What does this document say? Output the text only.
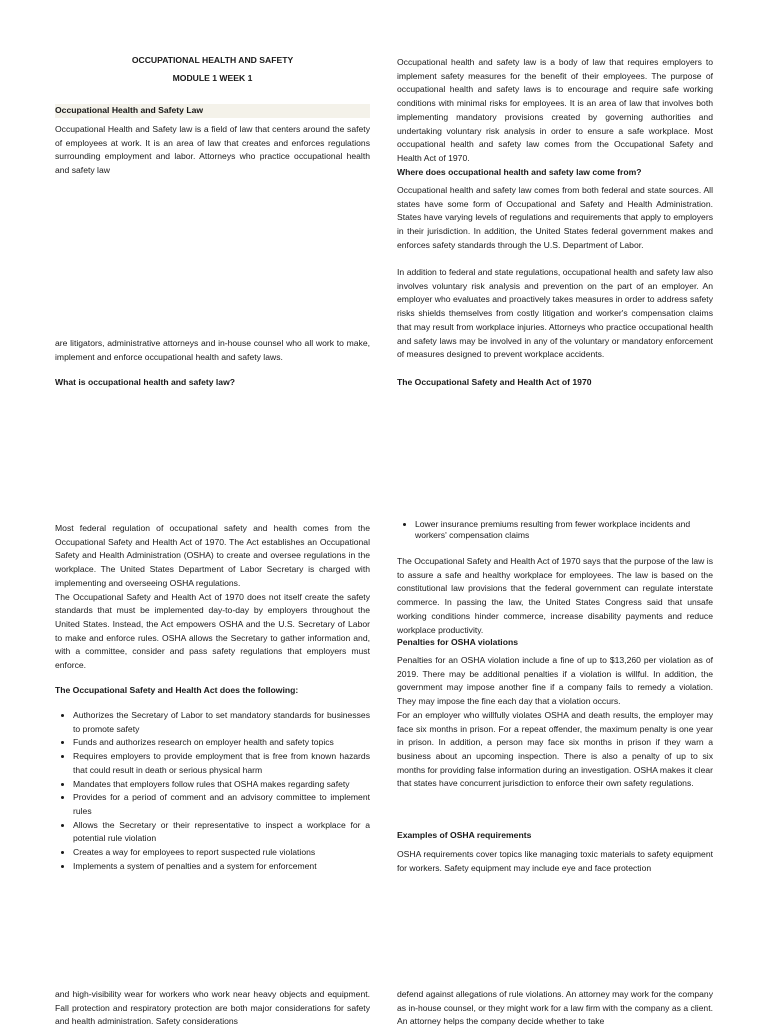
OCCUPATIONAL HEALTH AND SAFETY

MODULE 1 WEEK 1

Occupational Health and Safety Law

Occupational Health and Safety law is a field of law that centers around the safety of employees at work. It is an area of law that creates and enforces regulations surrounding employment and labor. Attorneys who practice occupational health and safety law

are litigators, administrative attorneys and in-house counsel who all work to make, implement and enforce occupational health and safety laws.

What is occupational health and safety law?

Occupational health and safety law is a body of law that requires employers to implement safety measures for the benefit of their employees. The purpose of occupational health and safety laws is to encourage and require safe working conditions with minimal risks for employees. It is an area of law that involves both implementing mandatory provisions created by governing authorities and undertaking voluntary risk analysis in order to ensure a safe workplace. Most occupational health and safety law comes from the Occupational Safety and Health Act of 1970.

Where does occupational health and safety law come from?

Occupational health and safety law comes from both federal and state sources. All states have some form of Occupational and Safety and Health Administration. States have varying levels of regulations and requirements that apply to employers in their jurisdiction. In addition, the United States federal government makes and enforces safety standards through the U.S. Department of Labor.

In addition to federal and state regulations, occupational health and safety law also involves voluntary risk analysis and prevention on the part of an employer. An employer who evaluates and proactively takes measures in order to address safety risks shields themselves from costly litigation and worker's compensation claims that may result from workplace injuries. Attorneys who practice occupational health and safety laws may be involved in any of the voluntary or mandatory enforcement of measures designed to prevent workplace accidents.

The Occupational Safety and Health Act of 1970

Most federal regulation of occupational safety and health comes from the Occupational Safety and Health Act of 1970. The Act establishes an Occupational Safety and Health Administration (OSHA) to create and oversee regulations in the workplace. The United States Department of Labor Secretary is charged with implementing and overseeing OSHA regulations.

The Occupational Safety and Health Act of 1970 does not itself create the safety standards that must be implemented day-to-day by employers throughout the United States. Instead, the Act empowers OSHA and the U.S. Secretary of Labor to make and enforce rules. OSHA allows the Secretary to gather information and, with a committee, consider and pass safety regulations that employers must enforce.

The Occupational Safety and Health Act does the following:

• Authorizes the Secretary of Labor to set mandatory standards for businesses to promote safety
• Funds and authorizes research on employer health and safety topics
• Requires employers to provide employment that is free from known hazards that could result in death or serious physical harm
• Mandates that employers follow rules that OSHA makes regarding safety
• Provides for a period of comment and an advisory committee to implement rules
• Allows the Secretary or their representative to inspect a workplace for a potential rule violation
• Creates a way for employees to report suspected rule violations
• Implements a system of penalties and a system for enforcement
• Lower insurance premiums resulting from fewer workplace incidents and workers' compensation claims

The Occupational Safety and Health Act of 1970 says that the purpose of the law is to assure a safe and healthy workplace for employees. The law is based on the constitutional law provisions that the federal government can regulate interstate commerce. In passing the law, the United States Congress said that unsafe working conditions hinder commerce, increase disability payments and reduce workplace productivity.

Penalties for OSHA violations

Penalties for an OSHA violation include a fine of up to $13,260 per violation as of 2019. There may be additional penalties if a violation is willful. In addition, the government may impose another fine if a company fails to remedy a violation. They may impose the fine each day that a violation occurs.

For an employer who willfully violates OSHA and death results, the employer may face six months in prison. For a repeat offender, the maximum penalty is one year in prison. In addition, a person may face six months in prison if they warn a business about an upcoming inspection. There is also a penalty of up to six months for providing false information during an investigation. OSHA makes it clear that states have concurrent jurisdiction to enforce their own safety regulations.

Examples of OSHA requirements

OSHA requirements cover topics like managing toxic materials to safety equipment for workers. Safety equipment may include eye and face protection

and high-visibility wear for workers who work near heavy objects and equipment. Fall protection and respiratory protection are both major considerations for safety and health administration. Safety considerations

defend against allegations of rule violations. An attorney may work for the company as in-house counsel, or they might work for a law firm with the company as a client. An attorney helps the company decide whether to take
